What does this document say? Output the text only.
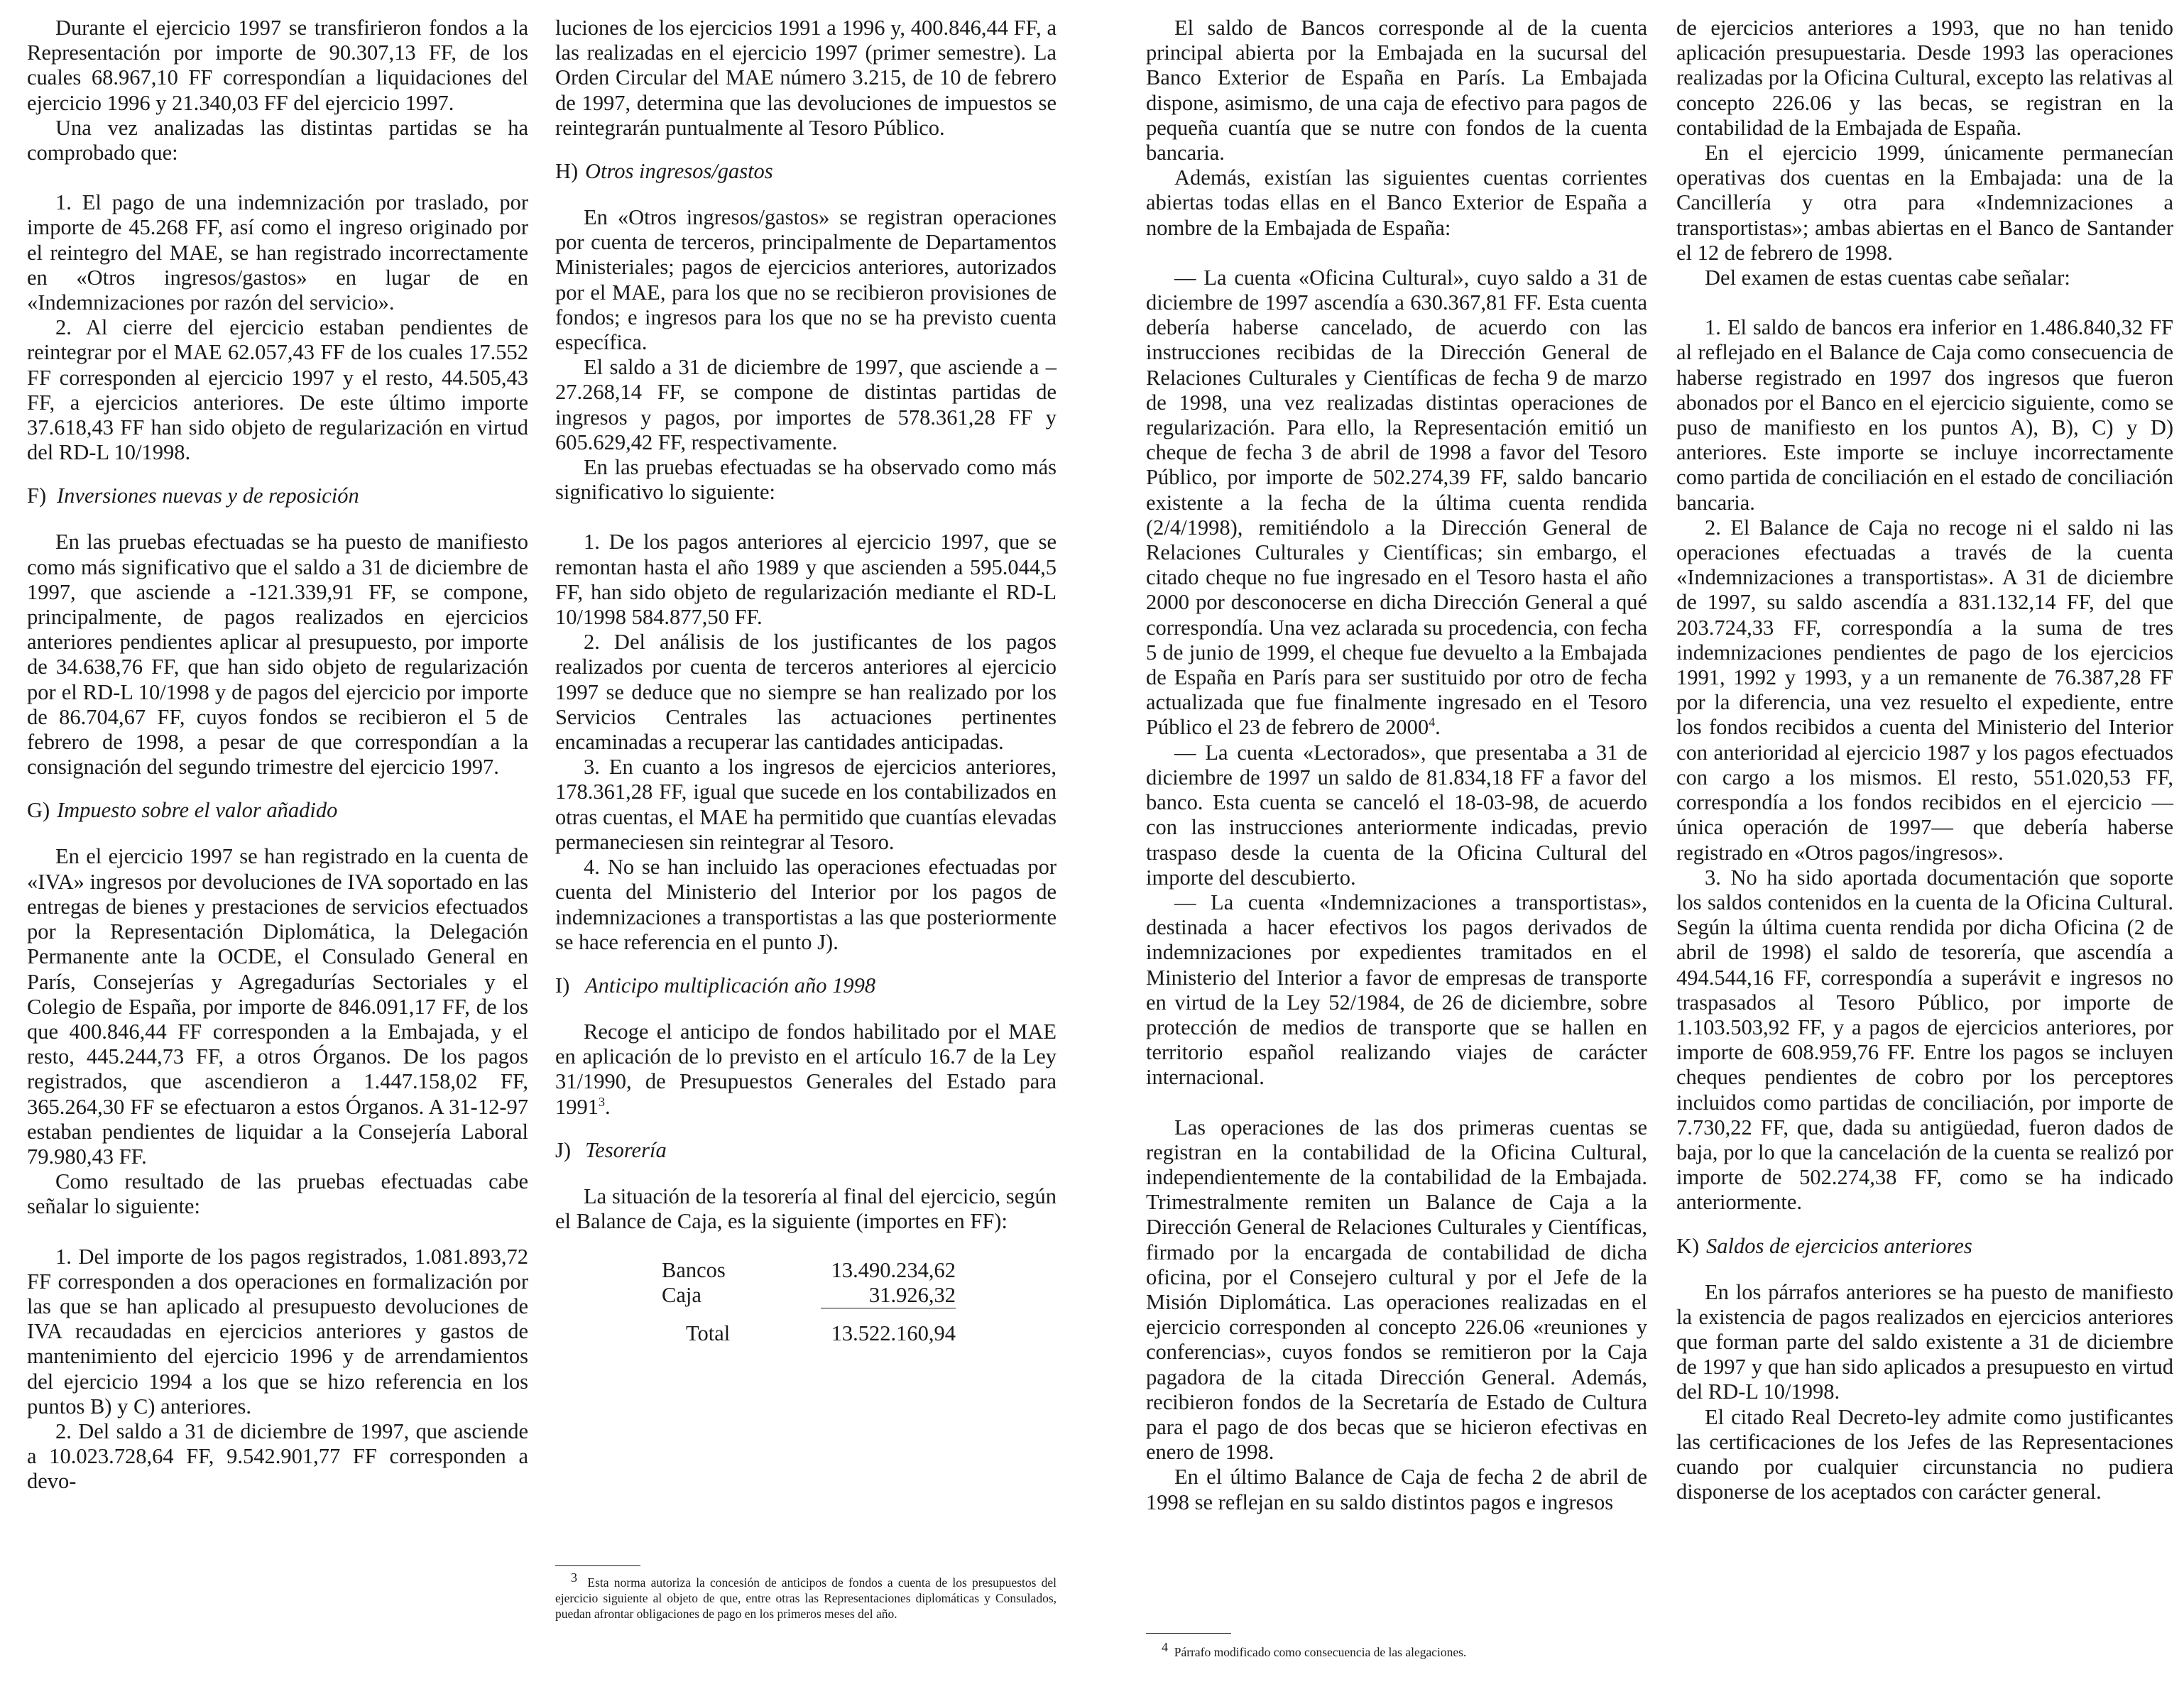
Durante el ejercicio 1997 se transfirieron fondos a la Representación por importe de 90.307,13 FF, de los cuales 68.967,10 FF correspondían a liquidaciones del ejercicio 1996 y 21.340,03 FF del ejercicio 1997.

Una vez analizadas las distintas partidas se ha comprobado que:

1. El pago de una indemnización por traslado, por importe de 45.268 FF, así como el ingreso originado por el reintegro del MAE, se han registrado incorrectamente en «Otros ingresos/gastos» en lugar de en «Indemnizaciones por razón del servicio».

2. Al cierre del ejercicio estaban pendientes de reintegrar por el MAE 62.057,43 FF de los cuales 17.552 FF corresponden al ejercicio 1997 y el resto, 44.505,43 FF, a ejercicios anteriores. De este último importe 37.618,43 FF han sido objeto de regularización en virtud del RD-L 10/1998.

F) Inversiones nuevas y de reposición

En las pruebas efectuadas se ha puesto de manifiesto como más significativo que el saldo a 31 de diciembre de 1997, que asciende a -121.339,91 FF, se compone, principalmente, de pagos realizados en ejercicios anteriores pendientes aplicar al presupuesto, por importe de 34.638,76 FF, que han sido objeto de regularización por el RD-L 10/1998 y de pagos del ejercicio por importe de 86.704,67 FF, cuyos fondos se recibieron el 5 de febrero de 1998, a pesar de que correspondían a la consignación del segundo trimestre del ejercicio 1997.

G) Impuesto sobre el valor añadido

En el ejercicio 1997 se han registrado en la cuenta de «IVA» ingresos por devoluciones de IVA soportado en las entregas de bienes y prestaciones de servicios efectuados por la Representación Diplomática, la Delegación Permanente ante la OCDE, el Consulado General en París, Consejerías y Agregadurías Sectoriales y el Colegio de España, por importe de 846.091,17 FF, de los que 400.846,44 FF corresponden a la Embajada, y el resto, 445.244,73 FF, a otros Órganos. De los pagos registrados, que ascendieron a 1.447.158,02 FF, 365.264,30 FF se efectuaron a estos Órganos. A 31-12-97 estaban pendientes de liquidar a la Consejería Laboral 79.980,43 FF.

Como resultado de las pruebas efectuadas cabe señalar lo siguiente:

1. Del importe de los pagos registrados, 1.081.893,72 FF corresponden a dos operaciones en formalización por las que se han aplicado al presupuesto devoluciones de IVA recaudadas en ejercicios anteriores y gastos de mantenimiento del ejercicio 1996 y de arrendamientos del ejercicio 1994 a los que se hizo referencia en los puntos B) y C) anteriores.

2. Del saldo a 31 de diciembre de 1997, que asciende a 10.023.728,64 FF, 9.542.901,77 FF corresponden a devo-

luciones de los ejercicios 1991 a 1996 y, 400.846,44 FF, a las realizadas en el ejercicio 1997 (primer semestre). La Orden Circular del MAE número 3.215, de 10 de febrero de 1997, determina que las devoluciones de impuestos se reintegrarán puntualmente al Tesoro Público.

H) Otros ingresos/gastos

En «Otros ingresos/gastos» se registran operaciones por cuenta de terceros, principalmente de Departamentos Ministeriales; pagos de ejercicios anteriores, autorizados por el MAE, para los que no se recibieron provisiones de fondos; e ingresos para los que no se ha previsto cuenta específica.

El saldo a 31 de diciembre de 1997, que asciende a –27.268,14 FF, se compone de distintas partidas de ingresos y pagos, por importes de 578.361,28 FF y 605.629,42 FF, respectivamente.

En las pruebas efectuadas se ha observado como más significativo lo siguiente:

1. De los pagos anteriores al ejercicio 1997, que se remontan hasta el año 1989 y que ascienden a 595.044,5 FF, han sido objeto de regularización mediante el RD-L 10/1998 584.877,50 FF.

2. Del análisis de los justificantes de los pagos realizados por cuenta de terceros anteriores al ejercicio 1997 se deduce que no siempre se han realizado por los Servicios Centrales las actuaciones pertinentes encaminadas a recuperar las cantidades anticipadas.

3. En cuanto a los ingresos de ejercicios anteriores, 178.361,28 FF, igual que sucede en los contabilizados en otras cuentas, el MAE ha permitido que cuantías elevadas permaneciesen sin reintegrar al Tesoro.

4. No se han incluido las operaciones efectuadas por cuenta del Ministerio del Interior por los pagos de indemnizaciones a transportistas a las que posteriormente se hace referencia en el punto J).

I) Anticipo multiplicación año 1998

Recoge el anticipo de fondos habilitado por el MAE en aplicación de lo previsto en el artículo 16.7 de la Ley 31/1990, de Presupuestos Generales del Estado para 1991$^3$.

J) Tesorería

La situación de la tesorería al final del ejercicio, según el Balance de Caja, es la siguiente (importes en FF):

Bancos	13.490.234,62
Caja	31.926,32
Total	13.522.160,94

$^3$ Esta norma autoriza la concesión de anticipos de fondos a cuenta de los presupuestos del ejercicio siguiente al objeto de que, entre otras las Representaciones diplomáticas y Consulados, puedan afrontar obligaciones de pago en los primeros meses del año.

El saldo de Bancos corresponde al de la cuenta principal abierta por la Embajada en la sucursal del Banco Exterior de España en París. La Embajada dispone, asimismo, de una caja de efectivo para pagos de pequeña cuantía que se nutre con fondos de la cuenta bancaria.

Además, existían las siguientes cuentas corrientes abiertas todas ellas en el Banco Exterior de España a nombre de la Embajada de España:

— La cuenta «Oficina Cultural», cuyo saldo a 31 de diciembre de 1997 ascendía a 630.367,81 FF. Esta cuenta debería haberse cancelado, de acuerdo con las instrucciones recibidas de la Dirección General de Relaciones Culturales y Científicas de fecha 9 de marzo de 1998, una vez realizadas distintas operaciones de regularización. Para ello, la Representación emitió un cheque de fecha 3 de abril de 1998 a favor del Tesoro Público, por importe de 502.274,39 FF, saldo bancario existente a la fecha de la última cuenta rendida (2/4/1998), remitiéndolo a la Dirección General de Relaciones Culturales y Científicas; sin embargo, el citado cheque no fue ingresado en el Tesoro hasta el año 2000 por desconocerse en dicha Dirección General a qué correspondía. Una vez aclarada su procedencia, con fecha 5 de junio de 1999, el cheque fue devuelto a la Embajada de España en París para ser sustituido por otro de fecha actualizada que fue finalmente ingresado en el Tesoro Público el 23 de febrero de 2000$^4$.

— La cuenta «Lectorados», que presentaba a 31 de diciembre de 1997 un saldo de 81.834,18 FF a favor del banco. Esta cuenta se canceló el 18-03-98, de acuerdo con las instrucciones anteriormente indicadas, previo traspaso desde la cuenta de la Oficina Cultural del importe del descubierto.

— La cuenta «Indemnizaciones a transportistas», destinada a hacer efectivos los pagos derivados de indemnizaciones por expedientes tramitados en el Ministerio del Interior a favor de empresas de transporte en virtud de la Ley 52/1984, de 26 de diciembre, sobre protección de medios de transporte que se hallen en territorio español realizando viajes de carácter internacional.

Las operaciones de las dos primeras cuentas se registran en la contabilidad de la Oficina Cultural, independientemente de la contabilidad de la Embajada. Trimestralmente remiten un Balance de Caja a la Dirección General de Relaciones Culturales y Científicas, firmado por la encargada de contabilidad de dicha oficina, por el Consejero cultural y por el Jefe de la Misión Diplomática. Las operaciones realizadas en el ejercicio corresponden al concepto 226.06 «reuniones y conferencias», cuyos fondos se remitieron por la Caja pagadora de la citada Dirección General. Además, recibieron fondos de la Secretaría de Estado de Cultura para el pago de dos becas que se hicieron efectivas en enero de 1998.

En el último Balance de Caja de fecha 2 de abril de 1998 se reflejan en su saldo distintos pagos e ingresos

de ejercicios anteriores a 1993, que no han tenido aplicación presupuestaria. Desde 1993 las operaciones realizadas por la Oficina Cultural, excepto las relativas al concepto 226.06 y las becas, se registran en la contabilidad de la Embajada de España.

En el ejercicio 1999, únicamente permanecían operativas dos cuentas en la Embajada: una de la Cancillería y otra para «Indemnizaciones a transportistas»; ambas abiertas en el Banco de Santander el 12 de febrero de 1998.

Del examen de estas cuentas cabe señalar:

1. El saldo de bancos era inferior en 1.486.840,32 FF al reflejado en el Balance de Caja como consecuencia de haberse registrado en 1997 dos ingresos que fueron abonados por el Banco en el ejercicio siguiente, como se puso de manifiesto en los puntos A), B), C) y D) anteriores. Este importe se incluye incorrectamente como partida de conciliación en el estado de conciliación bancaria.

2. El Balance de Caja no recoge ni el saldo ni las operaciones efectuadas a través de la cuenta «Indemnizaciones a transportistas». A 31 de diciembre de 1997, su saldo ascendía a 831.132,14 FF, del que 203.724,33 FF, correspondía a la suma de tres indemnizaciones pendientes de pago de los ejercicios 1991, 1992 y 1993, y a un remanente de 76.387,28 FF por la diferencia, una vez resuelto el expediente, entre los fondos recibidos a cuenta del Ministerio del Interior con anterioridad al ejercicio 1987 y los pagos efectuados con cargo a los mismos. El resto, 551.020,53 FF, correspondía a los fondos recibidos en el ejercicio —única operación de 1997— que debería haberse registrado en «Otros pagos/ingresos».

3. No ha sido aportada documentación que soporte los saldos contenidos en la cuenta de la Oficina Cultural. Según la última cuenta rendida por dicha Oficina (2 de abril de 1998) el saldo de tesorería, que ascendía a 494.544,16 FF, correspondía a superávit e ingresos no traspasados al Tesoro Público, por importe de 1.103.503,92 FF, y a pagos de ejercicios anteriores, por importe de 608.959,76 FF. Entre los pagos se incluyen cheques pendientes de cobro por los perceptores incluidos como partidas de conciliación, por importe de 7.730,22 FF, que, dada su antigüedad, fueron dados de baja, por lo que la cancelación de la cuenta se realizó por importe de 502.274,38 FF, como se ha indicado anteriormente.

K) Saldos de ejercicios anteriores

En los párrafos anteriores se ha puesto de manifiesto la existencia de pagos realizados en ejercicios anteriores que forman parte del saldo existente a 31 de diciembre de 1997 y que han sido aplicados a presupuesto en virtud del RD-L 10/1998.

El citado Real Decreto-ley admite como justificantes las certificaciones de los Jefes de las Representaciones cuando por cualquier circunstancia no pudiera disponerse de los aceptados con carácter general.

$^4$ Párrafo modificado como consecuencia de las alegaciones.
